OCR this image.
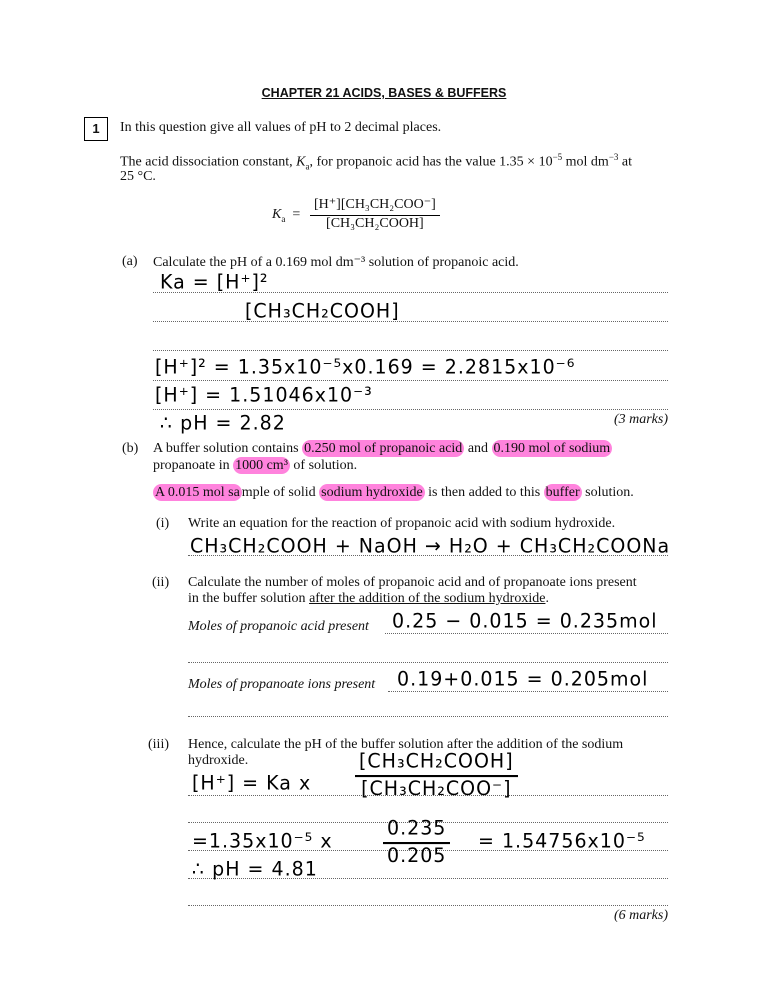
CHAPTER 21 ACIDS, BASES & BUFFERS
1	In this question give all values of pH to 2 decimal places.
The acid dissociation constant, $K_a$, for propanoic acid has the value $1.35 \times 10^{-5}$ mol $dm^{-3}$ at
25 °C.
$K_a$ =
[H⁺][CH₃CH₂COO⁻]
[CH₃CH₂COOH]
(a) Calculate the pH of a 0.169 mol dm⁻³ solution of propanoic acid.
Ka = [H⁺]²
[CH₃CH₂COOH]
[H⁺]² = 1.35x10⁻⁵x0.169 = 2.2815x10⁻⁶
[H⁺] = 1.51046x10⁻³
∴ pH = 2.82	(3 marks)
(b) A buffer solution contains 0.250 mol of propanoic acid and 0.190 mol of sodium
propanoate in 1000 cm³ of solution.
A 0.015 mol sa mple of solid sodium hydroxide is then added to this buffer solution.
(i) Write an equation for the reaction of propanoic acid with sodium hydroxide.
CH₃CH₂COOH + NaOH → H₂O + CH₃CH₂COONa
(ii) Calculate the number of moles of propanoic acid and of propanoate ions present
in the buffer solution after the addition of the sodium hydroxide.
Moles of propanoic acid present 0.25 − 0.015 = 0.235mol
Moles of propanoate ions present 0.19+0.015 = 0.205mol
(iii) Hence, calculate the pH of the buffer solution after the addition of the sodium
hydroxide.
[H⁺] = Ka x
[CH₃CH₂COOH]
[CH₃CH₂COO⁻]
=1.35x10⁻⁵ x	$\frac{0.235}{0.205} = 1.54756x10^{-5}$
∴ pH = 4.81
(6 marks)
